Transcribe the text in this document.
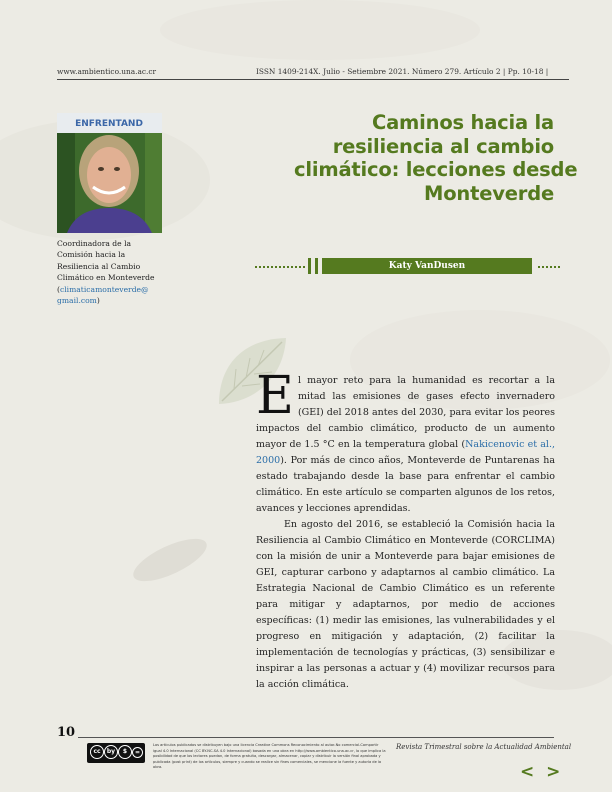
www.ambientico.una.ac.cr	ISSN 1409-214X. Julio - Setiembre 2021. Número 279. Artículo 2 | Pp. 10-18 |
ENFRENTAND
Coordinadora de la Comisión hacia la Resiliencia al Cambio Climático en Monteverde
(climaticamonteverde@ gmail.com)
Caminos hacia la
resiliencia al cambio
climático: lecciones desde
Monteverde
Katy VanDusen

El mayor reto para la humanidad es recortar a la mitad las emisiones de gases efecto invernadero (GEI) del 2018 antes del 2030, para evitar los peores impactos del cambio climático, producto de un aumento mayor de 1.5 °C en la temperatura global (Nakicenovic et al., 2000). Por más de cinco años, Monteverde de Puntarenas ha estado trabajando desde la base para enfrentar el cambio climático. En este artículo se comparten algunos de los retos, avances y lecciones aprendidas.

En agosto del 2016, se estableció la Comisión hacia la Resiliencia al Cambio Climático en Monteverde (CORCLIMA) con la misión de unir a Monteverde para bajar emisiones de GEI, capturar carbono y adaptarnos al cambio climático. La Estrategia Nacional de Cambio Climático es un referente para mitigar y adaptarnos, por medio de acciones específicas: (1) medir las emisiones, las vulnerabilidades y el progreso en mitigación y adaptación, (2) facilitar la implementación de tecnologías y prácticas, (3) sensibilizar e inspirar a las personas a actuar y (4) movilizar recursos para la acción climática.

10
cc	by	$	=
Los artículos publicados se distribuyen bajo una licencia Creative Commons Reconocimiento al autor-No comercial-Compartir igual 4.0 Internacional (CC BY-NC-SA 4.0 Internacional) basada en una obra en http://www.ambientico.una.ac.cr, lo que implica la posibilidad de que los lectores puedan, de forma gratuita, descargar, almacenar, copiar y distribuir la versión final aprobada y publicada (post print) de los artículos, siempre y cuando se realice sin fines comerciales, se mencione la fuente y autoría de la obra.
Revista Trimestral sobre la Actualidad Ambiental
< >
